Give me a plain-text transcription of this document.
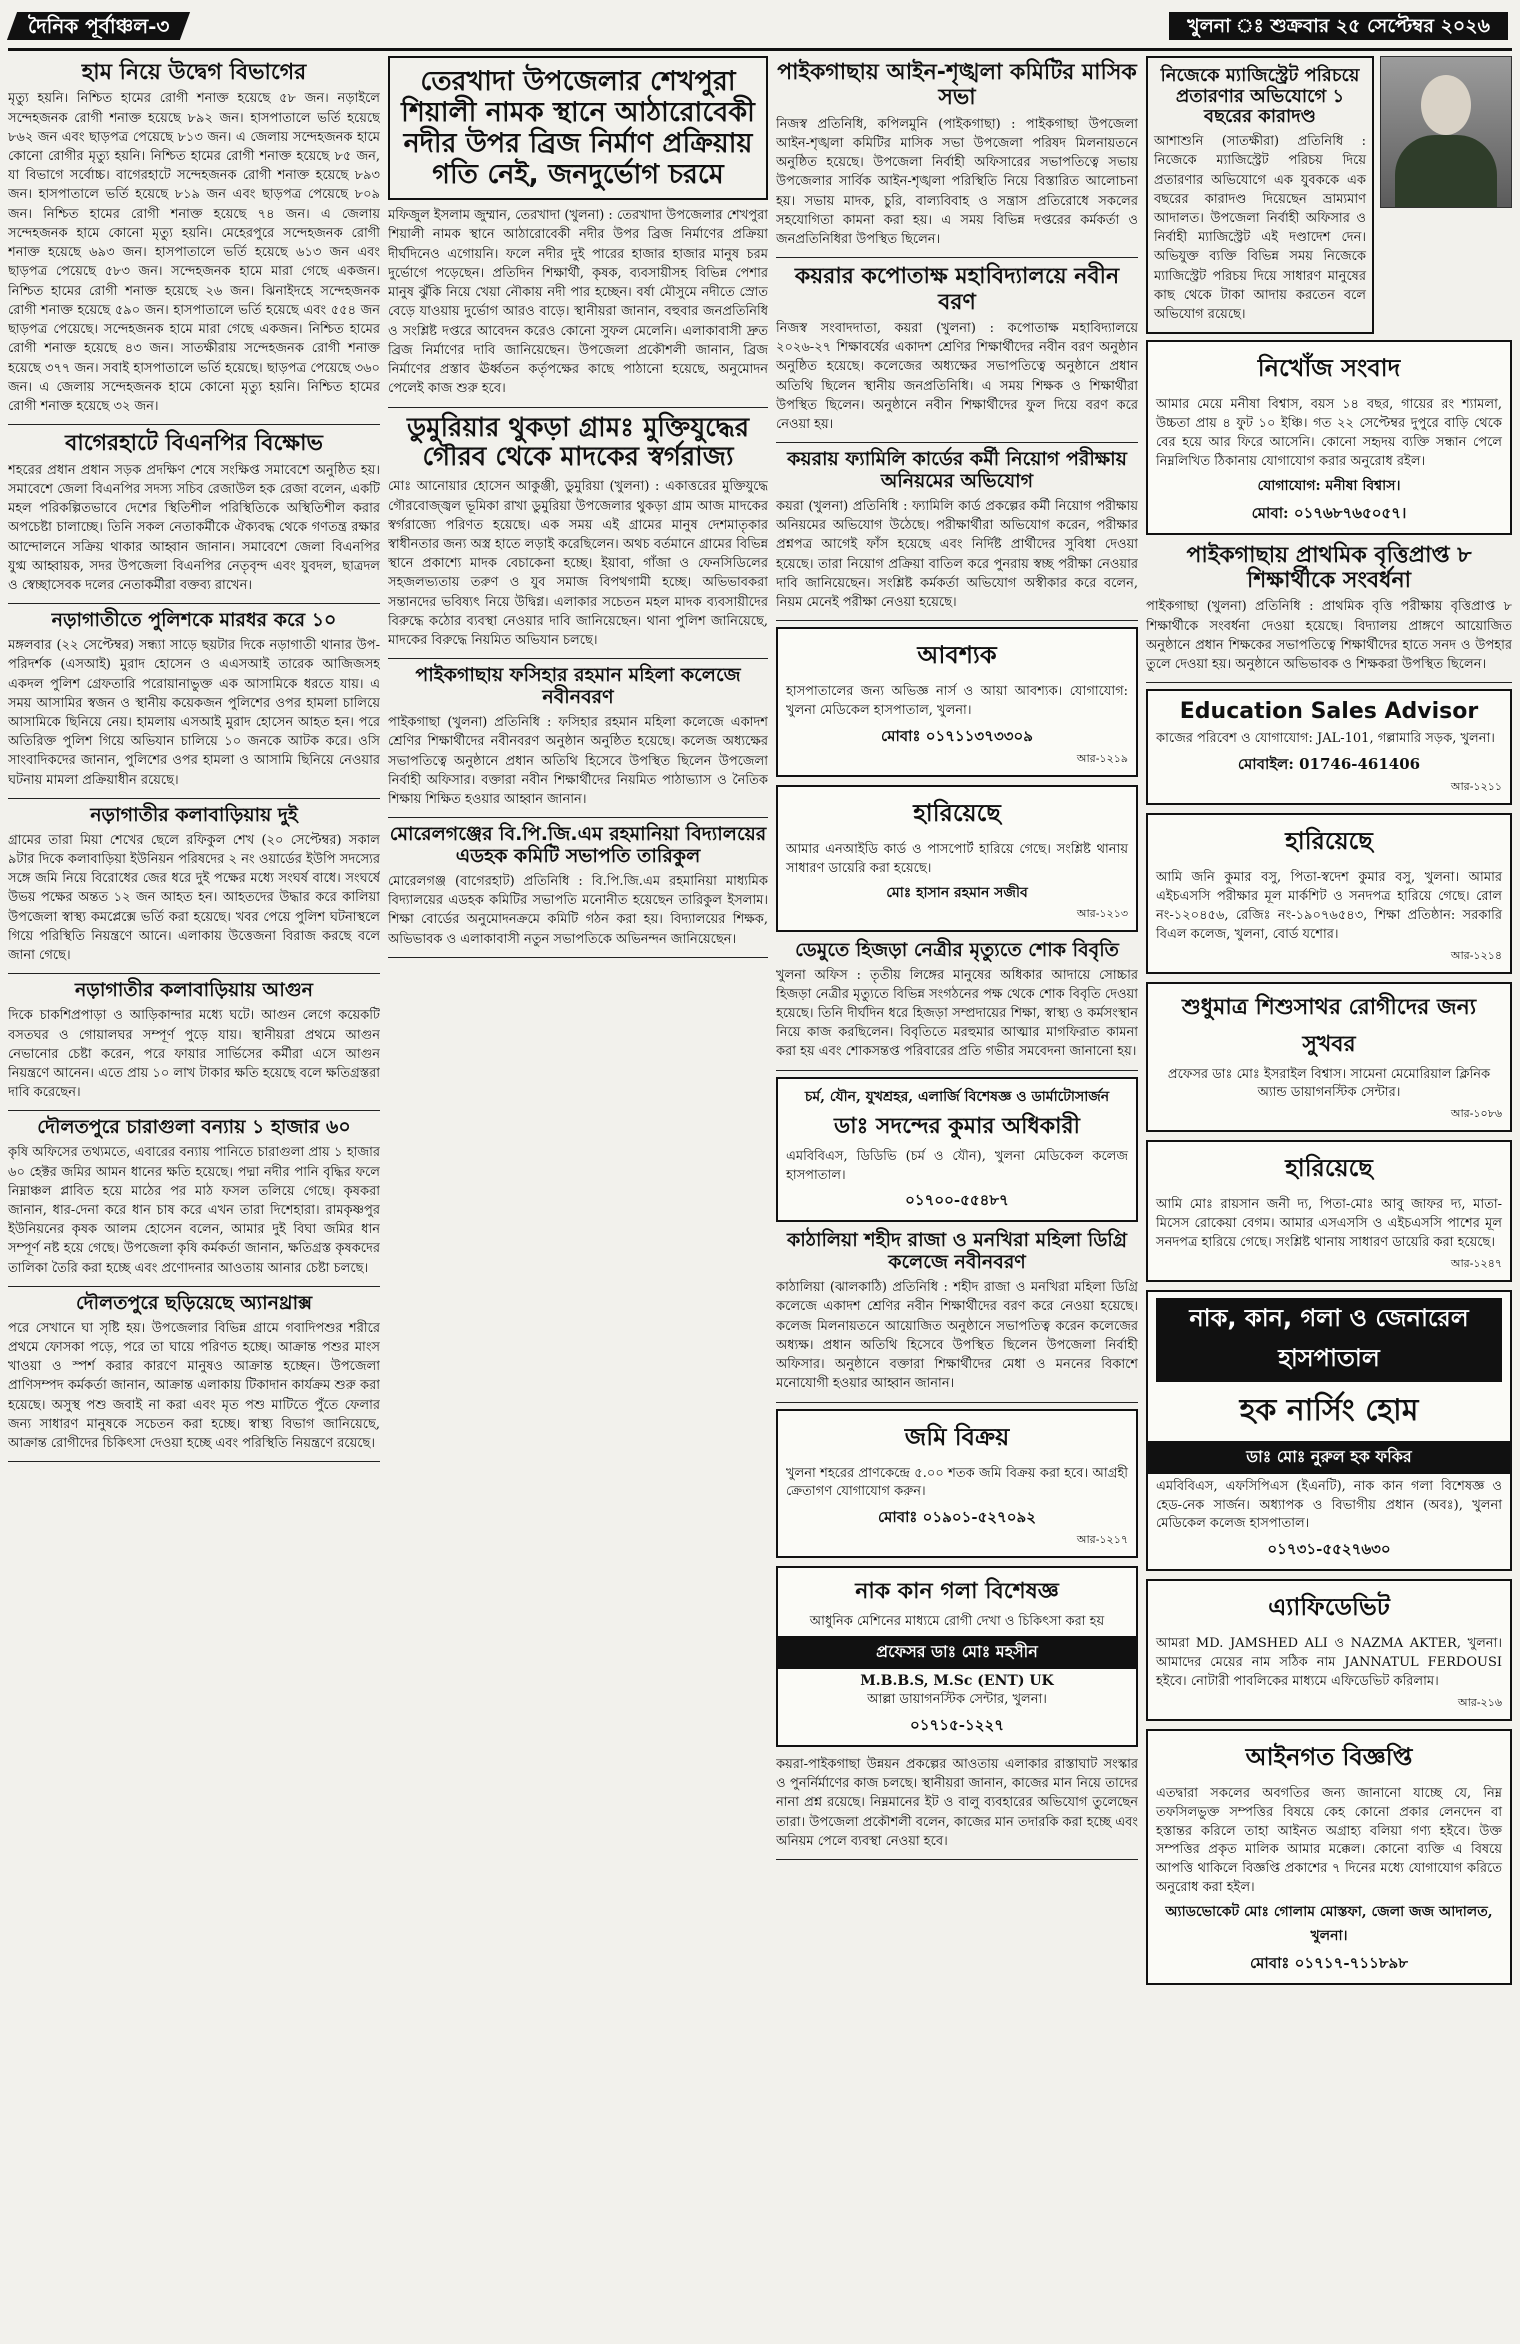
দৈনিক পূর্বাঞ্চল-৩	খুলনা ঃ শুক্রবার ২৫ সেপ্টেম্বর ২০২৬
হাম নিয়ে উদ্বেগ বিভাগের

মৃত্যু হয়নি। নিশ্চিত হামের রোগী শনাক্ত হয়েছে ৫৮ জন। নড়াইলে সন্দেহজনক রোগী শনাক্ত হয়েছে ৮৯২ জন। হাসপাতালে ভর্তি হয়েছে ৮৬২ জন এবং ছাড়পত্র পেয়েছে ৮১৩ জন। এ জেলায় সন্দেহজনক হামে কোনো রোগীর মৃত্যু হয়নি। নিশ্চিত হামের রোগী শনাক্ত হয়েছে ৮৫ জন, যা বিভাগে সর্বোচ্চ। বাগেরহাটে সন্দেহজনক রোগী শনাক্ত হয়েছে ৮৯৩ জন। হাসপাতালে ভর্তি হয়েছে ৮১৯ জন এবং ছাড়পত্র পেয়েছে ৮০৯ জন। নিশ্চিত হামের রোগী শনাক্ত হয়েছে ৭৪ জন। এ জেলায় সন্দেহজনক হামে কোনো মৃত্যু হয়নি। মেহেরপুরে সন্দেহজনক রোগী শনাক্ত হয়েছে ৬৯৩ জন। হাসপাতালে ভর্তি হয়েছে ৬১৩ জন এবং ছাড়পত্র পেয়েছে ৫৮৩ জন। সন্দেহজনক হামে মারা গেছে একজন। নিশ্চিত হামের রোগী শনাক্ত হয়েছে ২৬ জন। ঝিনাইদহে সন্দেহজনক রোগী শনাক্ত হয়েছে ৫৯০ জন। হাসপাতালে ভর্তি হয়েছে এবং ৫৫৪ জন ছাড়পত্র পেয়েছে। সন্দেহজনক হামে মারা গেছে একজন। নিশ্চিত হামের রোগী শনাক্ত হয়েছে ৪৩ জন। সাতক্ষীরায় সন্দেহজনক রোগী শনাক্ত হয়েছে ৩৭৭ জন। সবাই হাসপাতালে ভর্তি হয়েছে। ছাড়পত্র পেয়েছে ৩৬০ জন। এ জেলায় সন্দেহজনক হামে কোনো মৃত্যু হয়নি। নিশ্চিত হামের রোগী শনাক্ত হয়েছে ৩২ জন।

বাগেরহাটে বিএনপির বিক্ষোভ

শহরের প্রধান প্রধান সড়ক প্রদক্ষিণ শেষে সংক্ষিপ্ত সমাবেশে অনুষ্ঠিত হয়। সমাবেশে জেলা বিএনপির সদস্য সচিব রেজাউল হক রেজা বলেন, একটি মহল পরিকল্পিতভাবে দেশের স্থিতিশীল পরিস্থিতিকে অস্থিতিশীল করার অপচেষ্টা চালাচ্ছে। তিনি সকল নেতাকর্মীকে ঐক্যবদ্ধ থেকে গণতন্ত্র রক্ষার আন্দোলনে সক্রিয় থাকার আহ্বান জানান। সমাবেশে জেলা বিএনপির যুগ্ম আহ্বায়ক, সদর উপজেলা বিএনপির নেতৃবৃন্দ এবং যুবদল, ছাত্রদল ও স্বেচ্ছাসেবক দলের নেতাকর্মীরা বক্তব্য রাখেন।

নড়াগাতীতে পুলিশকে মারধর করে ১০

মঙ্গলবার (২২ সেপ্টেম্বর) সন্ধ্যা সাড়ে ছয়টার দিকে নড়াগাতী থানার উপ-পরিদর্শক (এসআই) মুরাদ হোসেন ও এএসআই তারেক আজিজসহ একদল পুলিশ গ্রেফতারি পরোয়ানাভুক্ত এক আসামিকে ধরতে যায়। এ সময় আসামির স্বজন ও স্থানীয় কয়েকজন পুলিশের ওপর হামলা চালিয়ে আসামিকে ছিনিয়ে নেয়। হামলায় এসআই মুরাদ হোসেন আহত হন। পরে অতিরিক্ত পুলিশ গিয়ে অভিযান চালিয়ে ১০ জনকে আটক করে। ওসি সাংবাদিকদের জানান, পুলিশের ওপর হামলা ও আসামি ছিনিয়ে নেওয়ার ঘটনায় মামলা প্রক্রিয়াধীন রয়েছে।

নড়াগাতীর কলাবাড়িয়ায় দুই

গ্রামের তারা মিয়া শেখের ছেলে রফিকুল শেখ (২০ সেপ্টেম্বর) সকাল ৯টার দিকে কলাবাড়িয়া ইউনিয়ন পরিষদের ২ নং ওয়ার্ডের ইউপি সদস্যের সঙ্গে জমি নিয়ে বিরোধের জের ধরে দুই পক্ষের মধ্যে সংঘর্ষ বাধে। সংঘর্ষে উভয় পক্ষের অন্তত ১২ জন আহত হন। আহতদের উদ্ধার করে কালিয়া উপজেলা স্বাস্থ্য কমপ্লেক্সে ভর্তি করা হয়েছে। খবর পেয়ে পুলিশ ঘটনাস্থলে গিয়ে পরিস্থিতি নিয়ন্ত্রণে আনে। এলাকায় উত্তেজনা বিরাজ করছে বলে জানা গেছে।

নড়াগাতীর কলাবাড়িয়ায় আগুন

দিকে চাকশিপ্রপাড়া ও আড়িকান্দার মধ্যে ঘটে। আগুন লেগে কয়েকটি বসতঘর ও গোয়ালঘর সম্পূর্ণ পুড়ে যায়। স্থানীয়রা প্রথমে আগুন নেভানোর চেষ্টা করেন, পরে ফায়ার সার্ভিসের কর্মীরা এসে আগুন নিয়ন্ত্রণে আনেন। এতে প্রায় ১০ লাখ টাকার ক্ষতি হয়েছে বলে ক্ষতিগ্রস্তরা দাবি করেছেন।

দৌলতপুরে চারাগুলা বন্যায় ১ হাজার ৬০

কৃষি অফিসের তথ্যমতে, এবারের বন্যায় পানিতে চারাগুলা প্রায় ১ হাজার ৬০ হেক্টর জমির আমন ধানের ক্ষতি হয়েছে। পদ্মা নদীর পানি বৃদ্ধির ফলে নিম্নাঞ্চল প্লাবিত হয়ে মাঠের পর মাঠ ফসল তলিয়ে গেছে। কৃষকরা জানান, ধার-দেনা করে ধান চাষ করে এখন তারা দিশেহারা। রামকৃষ্ণপুর ইউনিয়নের কৃষক আলম হোসেন বলেন, আমার দুই বিঘা জমির ধান সম্পূর্ণ নষ্ট হয়ে গেছে। উপজেলা কৃষি কর্মকর্তা জানান, ক্ষতিগ্রস্ত কৃষকদের তালিকা তৈরি করা হচ্ছে এবং প্রণোদনার আওতায় আনার চেষ্টা চলছে।

দৌলতপুরে ছড়িয়েছে অ্যানথ্রাক্স

পরে সেখানে ঘা সৃষ্টি হয়। উপজেলার বিভিন্ন গ্রামে গবাদিপশুর শরীরে প্রথমে ফোসকা পড়ে, পরে তা ঘায়ে পরিণত হচ্ছে। আক্রান্ত পশুর মাংস খাওয়া ও স্পর্শ করার কারণে মানুষও আক্রান্ত হচ্ছেন। উপজেলা প্রাণিসম্পদ কর্মকর্তা জানান, আক্রান্ত এলাকায় টিকাদান কার্যক্রম শুরু করা হয়েছে। অসুস্থ পশু জবাই না করা এবং মৃত পশু মাটিতে পুঁতে ফেলার জন্য সাধারণ মানুষকে সচেতন করা হচ্ছে। স্বাস্থ্য বিভাগ জানিয়েছে, আক্রান্ত রোগীদের চিকিৎসা দেওয়া হচ্ছে এবং পরিস্থিতি নিয়ন্ত্রণে রয়েছে।

তেরখাদা উপজেলার শেখপুরা শিয়ালী নামক স্থানে আঠারোবেকী নদীর উপর ব্রিজ নির্মাণ প্রক্রিয়ায় গতি নেই, জনদুর্ভোগ চরমে

মফিজুল ইসলাম জুম্মান, তেরখাদা (খুলনা) : তেরখাদা উপজেলার শেখপুরা শিয়ালী নামক স্থানে আঠারোবেকী নদীর উপর ব্রিজ নির্মাণের প্রক্রিয়া দীর্ঘদিনেও এগোয়নি। ফলে নদীর দুই পারের হাজার হাজার মানুষ চরম দুর্ভোগে পড়েছেন। প্রতিদিন শিক্ষার্থী, কৃষক, ব্যবসায়ীসহ বিভিন্ন পেশার মানুষ ঝুঁকি নিয়ে খেয়া নৌকায় নদী পার হচ্ছেন। বর্ষা মৌসুমে নদীতে স্রোত বেড়ে যাওয়ায় দুর্ভোগ আরও বাড়ে। স্থানীয়রা জানান, বহুবার জনপ্রতিনিধি ও সংশ্লিষ্ট দপ্তরে আবেদন করেও কোনো সুফল মেলেনি। এলাকাবাসী দ্রুত ব্রিজ নির্মাণের দাবি জানিয়েছেন। উপজেলা প্রকৌশলী জানান, ব্রিজ নির্মাণের প্রস্তাব ঊর্ধ্বতন কর্তৃপক্ষের কাছে পাঠানো হয়েছে, অনুমোদন পেলেই কাজ শুরু হবে।

ডুমুরিয়ার থুকড়া গ্রামঃ মুক্তিযুদ্ধের গৌরব থেকে মাদকের স্বর্গরাজ্য

মোঃ আনোয়ার হোসেন আকুঞ্জী, ডুমুরিয়া (খুলনা) : একাত্তরের মুক্তিযুদ্ধে গৌরবোজ্জ্বল ভূমিকা রাখা ডুমুরিয়া উপজেলার থুকড়া গ্রাম আজ মাদকের স্বর্গরাজ্যে পরিণত হয়েছে। এক সময় এই গ্রামের মানুষ দেশমাতৃকার স্বাধীনতার জন্য অস্ত্র হাতে লড়াই করেছিলেন। অথচ বর্তমানে গ্রামের বিভিন্ন স্থানে প্রকাশ্যে মাদক বেচাকেনা হচ্ছে। ইয়াবা, গাঁজা ও ফেনসিডিলের সহজলভ্যতায় তরুণ ও যুব সমাজ বিপথগামী হচ্ছে। অভিভাবকরা সন্তানদের ভবিষ্যৎ নিয়ে উদ্বিগ্ন। এলাকার সচেতন মহল মাদক ব্যবসায়ীদের বিরুদ্ধে কঠোর ব্যবস্থা নেওয়ার দাবি জানিয়েছেন। থানা পুলিশ জানিয়েছে, মাদকের বিরুদ্ধে নিয়মিত অভিযান চলছে।

পাইকগাছায় ফসিহার রহমান মহিলা কলেজে নবীনবরণ

পাইকগাছা (খুলনা) প্রতিনিধি : ফসিহার রহমান মহিলা কলেজে একাদশ শ্রেণির শিক্ষার্থীদের নবীনবরণ অনুষ্ঠান অনুষ্ঠিত হয়েছে। কলেজ অধ্যক্ষের সভাপতিত্বে অনুষ্ঠানে প্রধান অতিথি হিসেবে উপস্থিত ছিলেন উপজেলা নির্বাহী অফিসার। বক্তারা নবীন শিক্ষার্থীদের নিয়মিত পাঠাভ্যাস ও নৈতিক শিক্ষায় শিক্ষিত হওয়ার আহ্বান জানান।

মোরেলগঞ্জের বি.পি.জি.এম রহমানিয়া বিদ্যালয়ের এডহক কমিটি সভাপতি তারিকুল

মোরেলগঞ্জ (বাগেরহাট) প্রতিনিধি : বি.পি.জি.এম রহমানিয়া মাধ্যমিক বিদ্যালয়ের এডহক কমিটির সভাপতি মনোনীত হয়েছেন তারিকুল ইসলাম। শিক্ষা বোর্ডের অনুমোদনক্রমে কমিটি গঠন করা হয়। বিদ্যালয়ের শিক্ষক, অভিভাবক ও এলাকাবাসী নতুন সভাপতিকে অভিনন্দন জানিয়েছেন।

পাইকগাছায় আইন-শৃঙ্খলা কমিটির মাসিক সভা

নিজস্ব প্রতিনিধি, কপিলমুনি (পাইকগাছা) : পাইকগাছা উপজেলা আইন-শৃঙ্খলা কমিটির মাসিক সভা উপজেলা পরিষদ মিলনায়তনে অনুষ্ঠিত হয়েছে। উপজেলা নির্বাহী অফিসারের সভাপতিত্বে সভায় উপজেলার সার্বিক আইন-শৃঙ্খলা পরিস্থিতি নিয়ে বিস্তারিত আলোচনা হয়। সভায় মাদক, চুরি, বাল্যবিবাহ ও সন্ত্রাস প্রতিরোধে সকলের সহযোগিতা কামনা করা হয়। এ সময় বিভিন্ন দপ্তরের কর্মকর্তা ও জনপ্রতিনিধিরা উপস্থিত ছিলেন।

কয়রার কপোতাক্ষ মহাবিদ্যালয়ে নবীন বরণ

নিজস্ব সংবাদদাতা, কয়রা (খুলনা) : কপোতাক্ষ মহাবিদ্যালয়ে ২০২৬-২৭ শিক্ষাবর্ষের একাদশ শ্রেণির শিক্ষার্থীদের নবীন বরণ অনুষ্ঠান অনুষ্ঠিত হয়েছে। কলেজের অধ্যক্ষের সভাপতিত্বে অনুষ্ঠানে প্রধান অতিথি ছিলেন স্থানীয় জনপ্রতিনিধি। এ সময় শিক্ষক ও শিক্ষার্থীরা উপস্থিত ছিলেন। অনুষ্ঠানে নবীন শিক্ষার্থীদের ফুল দিয়ে বরণ করে নেওয়া হয়।

কয়রায় ফ্যামিলি কার্ডের কর্মী নিয়োগ পরীক্ষায় অনিয়মের অভিযোগ

কয়রা (খুলনা) প্রতিনিধি : ফ্যামিলি কার্ড প্রকল্পের কর্মী নিয়োগ পরীক্ষায় অনিয়মের অভিযোগ উঠেছে। পরীক্ষার্থীরা অভিযোগ করেন, পরীক্ষার প্রশ্নপত্র আগেই ফাঁস হয়েছে এবং নির্দিষ্ট প্রার্থীদের সুবিধা দেওয়া হয়েছে। তারা নিয়োগ প্রক্রিয়া বাতিল করে পুনরায় স্বচ্ছ পরীক্ষা নেওয়ার দাবি জানিয়েছেন। সংশ্লিষ্ট কর্মকর্তা অভিযোগ অস্বীকার করে বলেন, নিয়ম মেনেই পরীক্ষা নেওয়া হয়েছে।

আবশ্যক
হাসপাতালের জন্য অভিজ্ঞ নার্স ও আয়া আবশ্যক। যোগাযোগ: খুলনা মেডিকেল হাসপাতাল, খুলনা।
মোবাঃ ০১৭১১৩৭৩৩০৯
আর-১২১৯
হারিয়েছে
আমার এনআইডি কার্ড ও পাসপোর্ট হারিয়ে গেছে। সংশ্লিষ্ট থানায় সাধারণ ডায়েরি করা হয়েছে।
মোঃ হাসান রহমান সজীব
আর-১২১৩
ডেমুতে হিজড়া নেত্রীর মৃত্যুতে শোক বিবৃতি

খুলনা অফিস : তৃতীয় লিঙ্গের মানুষের অধিকার আদায়ে সোচ্চার হিজড়া নেত্রীর মৃত্যুতে বিভিন্ন সংগঠনের পক্ষ থেকে শোক বিবৃতি দেওয়া হয়েছে। তিনি দীর্ঘদিন ধরে হিজড়া সম্প্রদায়ের শিক্ষা, স্বাস্থ্য ও কর্মসংস্থান নিয়ে কাজ করছিলেন। বিবৃতিতে মরহুমার আত্মার মাগফিরাত কামনা করা হয় এবং শোকসন্তপ্ত পরিবারের প্রতি গভীর সমবেদনা জানানো হয়।

চর্ম, যৌন, যুখশ্রহর, এলার্জি বিশেষজ্ঞ ও ডার্মাটোসার্জন
ডাঃ সদন্দের কুমার অধিকারী
এমবিবিএস, ডিডিভি (চর্ম ও যৌন), খুলনা মেডিকেল কলেজ হাসপাতাল।
০১৭০০-৫৫৪৮৭
কাঠালিয়া শহীদ রাজা ও মনখিরা মহিলা ডিগ্রি কলেজে নবীনবরণ

কাঠালিয়া (ঝালকাঠি) প্রতিনিধি : শহীদ রাজা ও মনখিরা মহিলা ডিগ্রি কলেজে একাদশ শ্রেণির নবীন শিক্ষার্থীদের বরণ করে নেওয়া হয়েছে। কলেজ মিলনায়তনে আয়োজিত অনুষ্ঠানে সভাপতিত্ব করেন কলেজের অধ্যক্ষ। প্রধান অতিথি হিসেবে উপস্থিত ছিলেন উপজেলা নির্বাহী অফিসার। অনুষ্ঠানে বক্তারা শিক্ষার্থীদের মেধা ও মননের বিকাশে মনোযোগী হওয়ার আহ্বান জানান।

জমি বিক্রয়
খুলনা শহরের প্রাণকেন্দ্রে ৫.০০ শতক জমি বিক্রয় করা হবে। আগ্রহী ক্রেতাগণ যোগাযোগ করুন।
মোবাঃ ০১৯০১-৫২৭০৯২
আর-১২১৭
নাক কান গলা বিশেষজ্ঞ
আধুনিক মেশিনের মাধ্যমে রোগী দেখা ও চিকিৎসা করা হয়
প্রফেসর ডাঃ মোঃ মহসীন
M.B.B.S, M.Sc (ENT) UK
আল্লা ডায়াগনস্টিক সেন্টার, খুলনা।
০১৭১৫-১২২৭

কয়রা-পাইকগাছা উন্নয়ন প্রকল্পের আওতায় এলাকার রাস্তাঘাট সংস্কার ও পুনর্নির্মাণের কাজ চলছে। স্থানীয়রা জানান, কাজের মান নিয়ে তাদের নানা প্রশ্ন রয়েছে। নিম্নমানের ইট ও বালু ব্যবহারের অভিযোগ তুলেছেন তারা। উপজেলা প্রকৌশলী বলেন, কাজের মান তদারকি করা হচ্ছে এবং অনিয়ম পেলে ব্যবস্থা নেওয়া হবে।

নিজেকে ম্যাজিস্ট্রেট পরিচয়ে প্রতারণার অভিযোগে ১ বছরের কারাদণ্ড

আশাশুনি (সাতক্ষীরা) প্রতিনিধি : নিজেকে ম্যাজিস্ট্রেট পরিচয় দিয়ে প্রতারণার অভিযোগে এক যুবককে এক বছরের কারাদণ্ড দিয়েছেন ভ্রাম্যমাণ আদালত। উপজেলা নির্বাহী অফিসার ও নির্বাহী ম্যাজিস্ট্রেট এই দণ্ডাদেশ দেন। অভিযুক্ত ব্যক্তি বিভিন্ন সময় নিজেকে ম্যাজিস্ট্রেট পরিচয় দিয়ে সাধারণ মানুষের কাছ থেকে টাকা আদায় করতেন বলে অভিযোগ রয়েছে।

নিখোঁজ সংবাদ
আমার মেয়ে মনীষা বিশ্বাস, বয়স ১৪ বছর, গায়ের রং শ্যামলা, উচ্চতা প্রায় ৪ ফুট ১০ ইঞ্চি। গত ২২ সেপ্টেম্বর দুপুরে বাড়ি থেকে বের হয়ে আর ফিরে আসেনি। কোনো সহৃদয় ব্যক্তি সন্ধান পেলে নিম্নলিখিত ঠিকানায় যোগাযোগ করার অনুরোধ রইল।
যোগাযোগ: মনীষা বিশ্বাস।
মোবা: ০১৭৬৮৭৬৫০৫৭।
পাইকগাছায় প্রাথমিক বৃত্তিপ্রাপ্ত ৮ শিক্ষার্থীকে সংবর্ধনা

পাইকগাছা (খুলনা) প্রতিনিধি : প্রাথমিক বৃত্তি পরীক্ষায় বৃত্তিপ্রাপ্ত ৮ শিক্ষার্থীকে সংবর্ধনা দেওয়া হয়েছে। বিদ্যালয় প্রাঙ্গণে আয়োজিত অনুষ্ঠানে প্রধান শিক্ষকের সভাপতিত্বে শিক্ষার্থীদের হাতে সনদ ও উপহার তুলে দেওয়া হয়। অনুষ্ঠানে অভিভাবক ও শিক্ষকরা উপস্থিত ছিলেন।

Education Sales Advisor
কাজের পরিবেশ ও যোগাযোগ: JAL-101, গল্লামারি সড়ক, খুলনা।
মোবাইল: 01746-461406
আর-১২১১
হারিয়েছে
আমি জনি কুমার বসু, পিতা-স্বদেশ কুমার বসু, খুলনা। আমার এইচএসসি পরীক্ষার মূল মার্কশিট ও সনদপত্র হারিয়ে গেছে। রোল নং-১২০৪৫৬, রেজিঃ নং-১৯০৭৬৫৪৩, শিক্ষা প্রতিষ্ঠান: সরকারি বিএল কলেজ, খুলনা, বোর্ড যশোর।
আর-১২১৪
শুধুমাত্র শিশুসাথর রোগীদের জন্য সুখবর
প্রফেসর ডাঃ মোঃ ইসরাইল বিশ্বাস। সামেনা মেমোরিয়াল ক্লিনিক অ্যান্ড ডায়াগনস্টিক সেন্টার।
আর-১০৮৬
হারিয়েছে
আমি মোঃ রায়সান জনী দ্য, পিতা-মোঃ আবু জাফর দ্য, মাতা-মিসেস রোকেয়া বেগম। আমার এসএসসি ও এইচএসসি পাশের মূল সনদপত্র হারিয়ে গেছে। সংশ্লিষ্ট থানায় সাধারণ ডায়েরি করা হয়েছে।
আর-১২৪৭
নাক, কান, গলা ও জেনারেল হাসপাতাল
হক নার্সিং হোম
ডাঃ মোঃ নুরুল হক ফকির
এমবিবিএস, এফসিপিএস (ইএনটি), নাক কান গলা বিশেষজ্ঞ ও হেড-নেক সার্জন। অধ্যাপক ও বিভাগীয় প্রধান (অবঃ), খুলনা মেডিকেল কলেজ হাসপাতাল।
০১৭৩১-৫৫২৭৬৩০
এ্যাফিডেভিট
আমরা MD. JAMSHED ALI ও NAZMA AKTER, খুলনা। আমাদের মেয়ের নাম সঠিক নাম JANNATUL FERDOUSI হইবে। নোটারী পাবলিকের মাধ্যমে এফিডেভিট করিলাম।
আর-২১৬
আইনগত বিজ্ঞপ্তি
এতদ্বারা সকলের অবগতির জন্য জানানো যাচ্ছে যে, নিম্ন তফসিলভুক্ত সম্পত্তির বিষয়ে কেহ কোনো প্রকার লেনদেন বা হস্তান্তর করিলে তাহা আইনত অগ্রাহ্য বলিয়া গণ্য হইবে। উক্ত সম্পত্তির প্রকৃত মালিক আমার মক্কেল। কোনো ব্যক্তি এ বিষয়ে আপত্তি থাকিলে বিজ্ঞপ্তি প্রকাশের ৭ দিনের মধ্যে যোগাযোগ করিতে অনুরোধ করা হইল।
অ্যাডভোকেট মোঃ গোলাম মোস্তফা, জেলা জজ আদালত, খুলনা।
মোবাঃ ০১৭১৭-৭১১৮৯৮
